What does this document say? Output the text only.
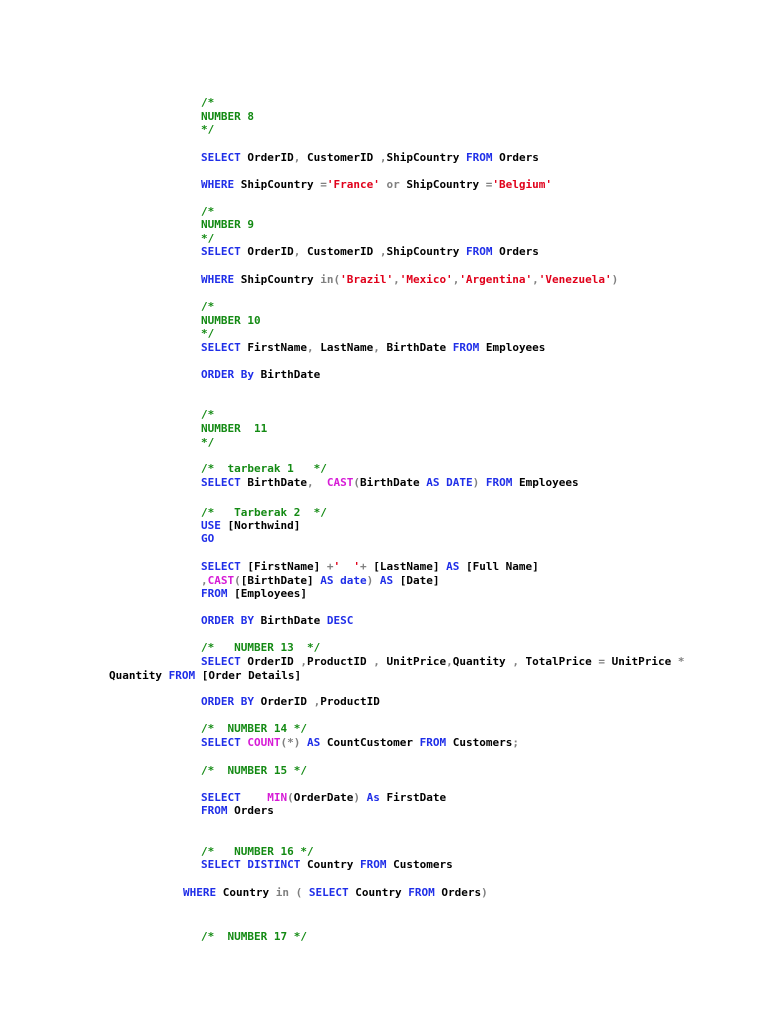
/*
NUMBER 8
*/
SELECT OrderID, CustomerID ,ShipCountry FROM Orders
WHERE ShipCountry ='France' or ShipCountry ='Belgium'
/*
NUMBER 9
*/
SELECT OrderID, CustomerID ,ShipCountry FROM Orders
WHERE ShipCountry in('Brazil','Mexico','Argentina','Venezuela')
/*
NUMBER 10
*/
SELECT FirstName, LastName, BirthDate FROM Employees
ORDER By BirthDate
/*
NUMBER  11
*/
/*  tarberak 1   */
SELECT BirthDate, CAST(BirthDate AS DATE) FROM Employees
/*   Tarberak 2  */
USE [Northwind]
GO
SELECT [FirstName] +'  '+ [LastName] AS [Full Name]
,CAST([BirthDate] AS date) AS [Date]
FROM [Employees]
ORDER BY BirthDate DESC
/*   NUMBER 13  */
SELECT OrderID ,ProductID , UnitPrice,Quantity , TotalPrice = UnitPrice *
Quantity FROM [Order Details]
ORDER BY OrderID ,ProductID
/*  NUMBER 14 */
SELECT COUNT(*) AS CountCustomer FROM Customers;
/*  NUMBER 15 */
SELECT MIN(OrderDate) As FirstDate
FROM Orders
/*   NUMBER 16 */
SELECT DISTINCT Country FROM Customers
WHERE Country in ( SELECT Country FROM Orders)
/*  NUMBER 17 */
